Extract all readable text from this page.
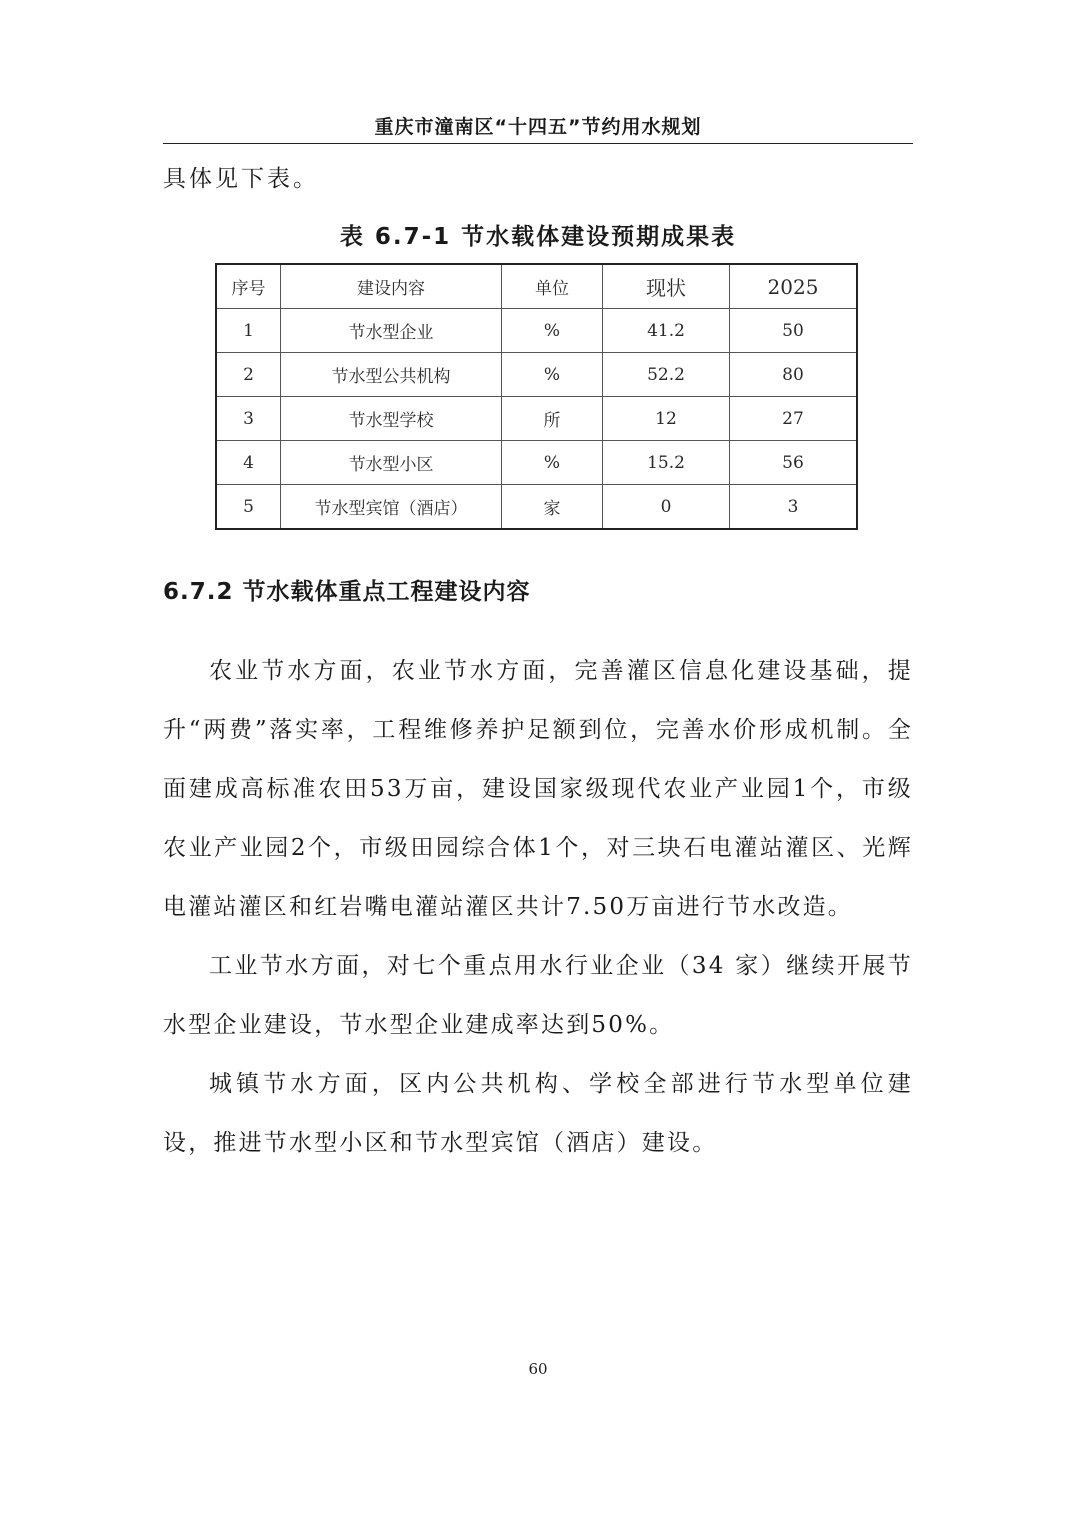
重庆市潼南区“十四五”节约用水规划
具体见下表。
表 6.7-1 节水载体建设预期成果表
序号	建设内容	单位	现状	2025
1	节水型企业	%	41.2	50
2	节水型公共机构	%	52.2	80
3	节水型学校	所	12	27
4	节水型小区	%	15.2	56
5	节水型宾馆（酒店）	家	0	3
6.7.2 节水载体重点工程建设内容
农业节水方面，农业节水方面，完善灌区信息化建设基础，提升“两费”落实率，工程维修养护足额到位，完善水价形成机制。全面建成高标准农田53万亩，建设国家级现代农业产业园1个，市级农业产业园2个，市级田园综合体1个，对三块石电灌站灌区、光辉电灌站灌区和红岩嘴电灌站灌区共计7.50万亩进行节水改造。
工业节水方面，对七个重点用水行业企业（34 家）继续开展节水型企业建设，节水型企业建成率达到50%。
城镇节水方面，区内公共机构、学校全部进行节水型单位建设，推进节水型小区和节水型宾馆（酒店）建设。
60
